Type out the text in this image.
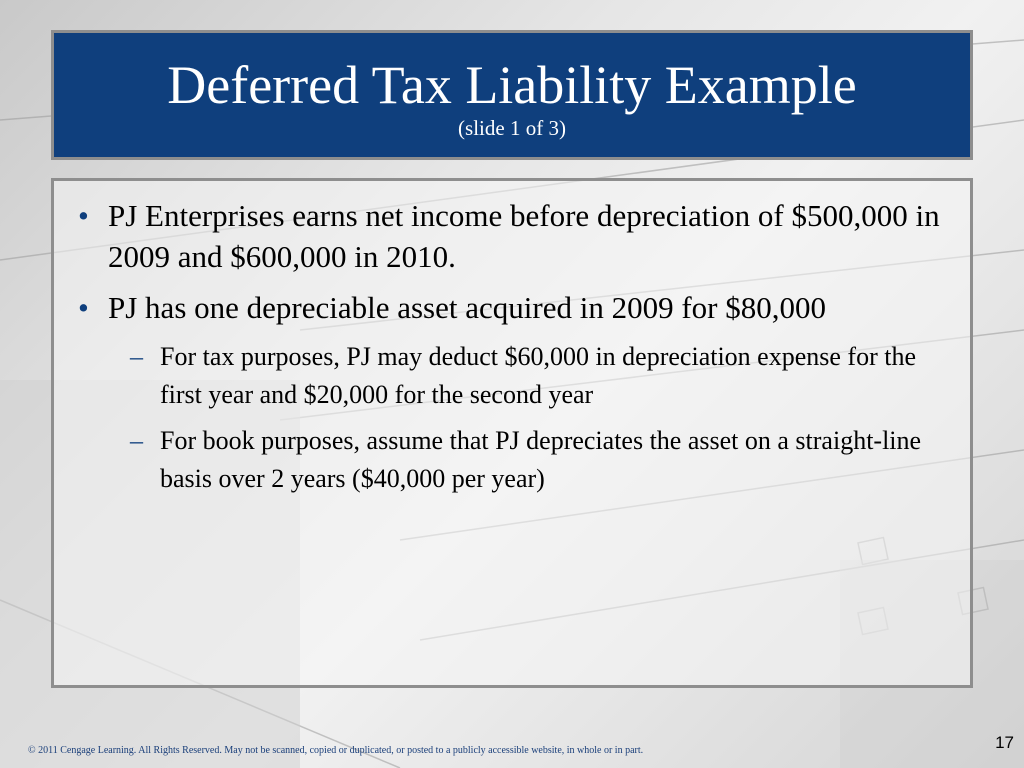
Deferred Tax Liability Example
(slide 1 of 3)
• PJ Enterprises earns net income before depreciation of $500,000 in 2009 and $600,000 in 2010.
• PJ has one depreciable asset acquired in 2009 for $80,000
– For tax purposes, PJ may deduct $60,000 in depreciation expense for the first year and $20,000 for the second year
– For book purposes, assume that PJ depreciates the asset on a straight-line basis over 2 years ($40,000 per year)
© 2011 Cengage Learning. All Rights Reserved. May not be scanned, copied or duplicated, or posted to a publicly accessible website, in whole or in part.	17
